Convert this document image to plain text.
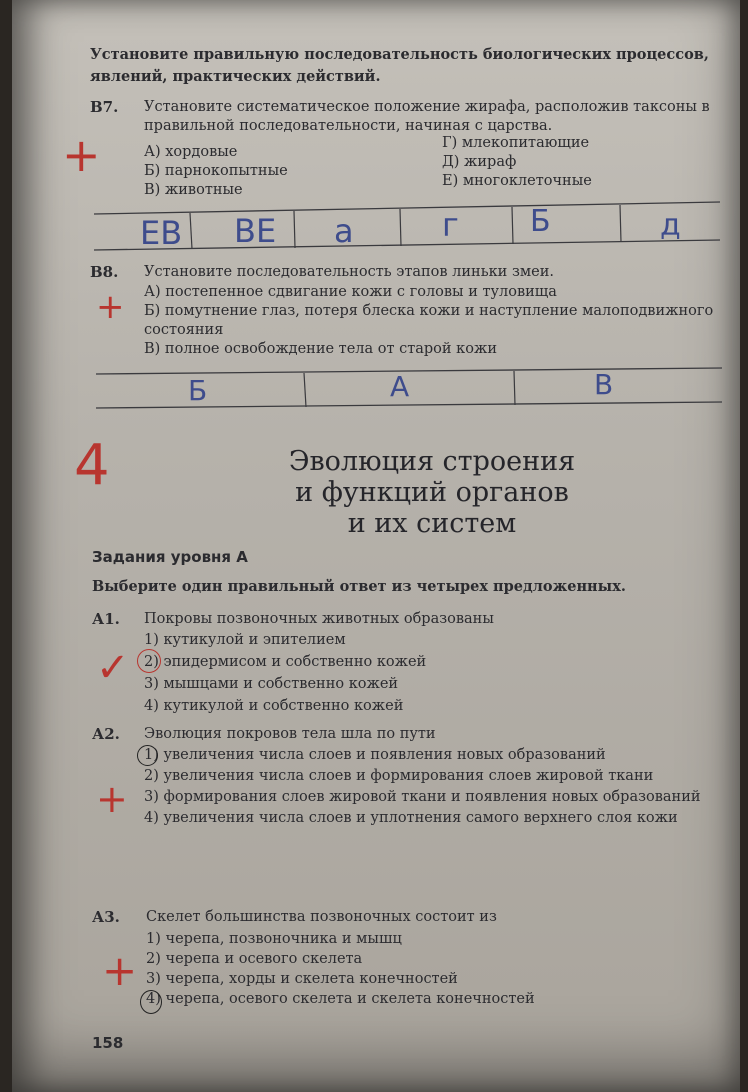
Установите правильную последовательность биологических процессов, явлений, практических действий.
В7. Установите систематическое положение жирафа, расположив таксоны в правильной последовательности, начиная с царства.
А) хордовые
Б) парнокопытные
В) животные
Г) млекопитающие
Д) жираф
Е) многоклеточные
+
ЕВ ВЕ а	г Б	д
В8. Установите последовательность этапов линьки змеи.
А) постепенное сдвигание кожи с головы и туловища
Б) помутнение глаз, потеря блеска кожи и наступление малоподвижного состояния
В) полное освобождение тела от старой кожи
+
Б	А	В
4	Эволюция строения
и функций органов
и их систем
Задания уровня А
Выберите один правильный ответ из четырех предложенных.
А1. Покровы позвоночных животных образованы
1) кутикулой и эпителием
2) эпидермисом и собственно кожей
3) мышцами и собственно кожей
4) кутикулой и собственно кожей
✓
А2. Эволюция покровов тела шла по пути
1) увеличения числа слоев и появления новых образований
2) увеличения числа слоев и формирования слоев жировой ткани
3) формирования слоев жировой ткани и появления новых образований
4) увеличения числа слоев и уплотнения самого верхнего слоя кожи
+
А3. Скелет большинства позвоночных состоит из
1) черепа, позвоночника и мышц
2) черепа и осевого скелета
3) черепа, хорды и скелета конечностей
4) черепа, осевого скелета и скелета конечностей
+
158
